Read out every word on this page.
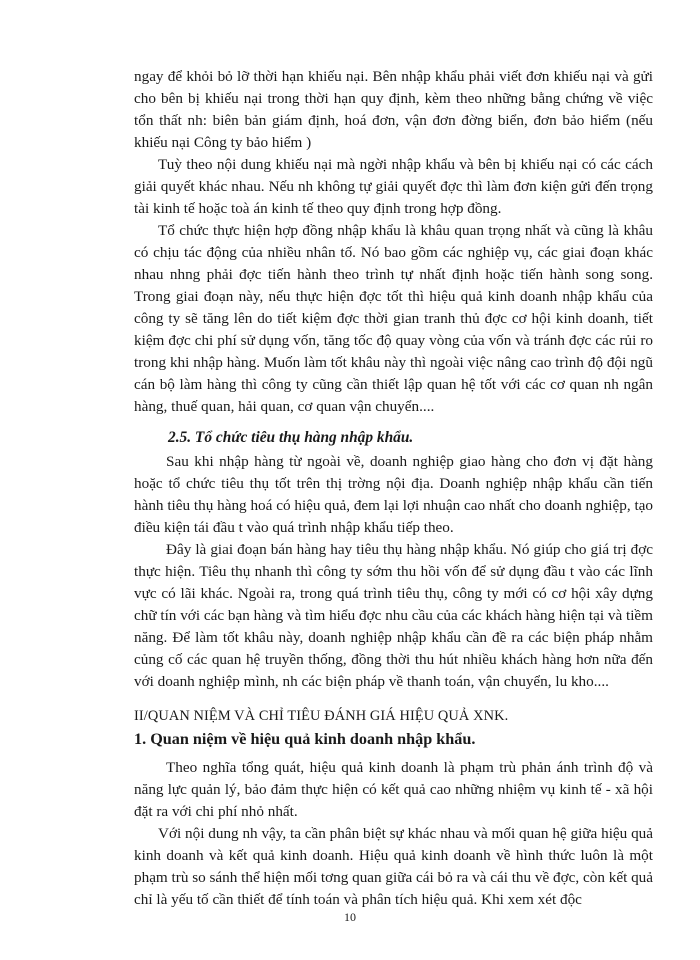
ngay để khỏi bỏ lỡ thời hạn khiếu nại. Bên nhập khẩu phải viết đơn khiếu nại và gửi cho bên bị khiếu nại trong thời hạn quy định, kèm theo những bằng chứng về việc tổn thất nh: biên bản giám định, hoá đơn, vận đơn đờng biển, đơn bảo hiểm (nếu khiếu nại Công ty bảo hiểm )

Tuỳ theo nội dung khiếu nại mà ngời nhập khẩu và bên bị khiếu nại có các cách giải quyết khác nhau. Nếu nh không tự giải quyết đợc thì làm đơn kiện gửi đến trọng tài kinh tế hoặc toà án kinh tế theo quy định trong hợp đồng.

Tổ chức thực hiện hợp đồng nhập khẩu là khâu quan trọng nhất và cũng là khâu có chịu tác động của nhiều nhân tố. Nó bao gồm các nghiệp vụ, các giai đoạn khác nhau nhng phải đợc tiến hành theo trình tự nhất định hoặc tiến hành song song. Trong giai đoạn này, nếu thực hiện đợc tốt thì hiệu quả kinh doanh nhập khẩu của công ty sẽ tăng lên do tiết kiệm đợc thời gian tranh thủ đợc cơ hội kinh doanh, tiết kiệm đợc chi phí sử dụng vốn, tăng tốc độ quay vòng của vốn và tránh đợc các rủi ro trong khi nhập hàng. Muốn làm tốt khâu này thì ngoài việc nâng cao trình độ đội ngũ cán bộ làm hàng thì công ty cũng cần thiết lập quan hệ tốt với các cơ quan nh ngân hàng, thuế quan, hải quan, cơ quan vận chuyển....

2.5. Tổ chức tiêu thụ hàng nhập khẩu.

Sau khi nhập hàng từ ngoài về, doanh nghiệp giao hàng cho đơn vị đặt hàng hoặc tổ chức tiêu thụ tốt trên thị trờng nội địa. Doanh nghiệp nhập khẩu cần tiến hành tiêu thụ hàng hoá có hiệu quả, đem lại lợi nhuận cao nhất cho doanh nghiệp, tạo điều kiện tái đầu t vào quá trình nhập khẩu tiếp theo.

Đây là giai đoạn bán hàng hay tiêu thụ hàng nhập khẩu. Nó giúp cho giá trị đợc thực hiện. Tiêu thụ nhanh thì công ty sớm thu hồi vốn để sử dụng đầu t vào các lĩnh vực có lãi khác. Ngoài ra, trong quá trình tiêu thụ, công ty mới có cơ hội xây dựng chữ tín với các bạn hàng và tìm hiểu đợc nhu cầu của các khách hàng hiện tại và tiềm năng. Để làm tốt khâu này, doanh nghiệp nhập khẩu cần đề ra các biện pháp nhằm củng cố các quan hệ truyền thống, đồng thời thu hút nhiều khách hàng hơn nữa đến với doanh nghiệp mình, nh các biện pháp về thanh toán, vận chuyển, lu kho....

II/QUAN NIỆM VÀ CHỈ TIÊU ĐÁNH GIÁ HIỆU QUẢ XNK.
1. Quan niệm về hiệu quả kinh doanh nhập khẩu.

Theo nghĩa tổng quát, hiệu quả kinh doanh là phạm trù phản ánh trình độ và năng lực quản lý, bảo đảm thực hiện có kết quả cao những nhiệm vụ kinh tế - xã hội đặt ra với chi phí nhỏ nhất.

Với nội dung nh vậy, ta cần phân biệt sự khác nhau và mối quan hệ giữa hiệu quả kinh doanh và kết quả kinh doanh. Hiệu quả kinh doanh về hình thức luôn là một phạm trù so sánh thể hiện mối tơng quan giữa cái bỏ ra và cái thu về đợc, còn kết quả chỉ là yếu tố cần thiết để tính toán và phân tích hiệu quả. Khi xem xét độc

10
